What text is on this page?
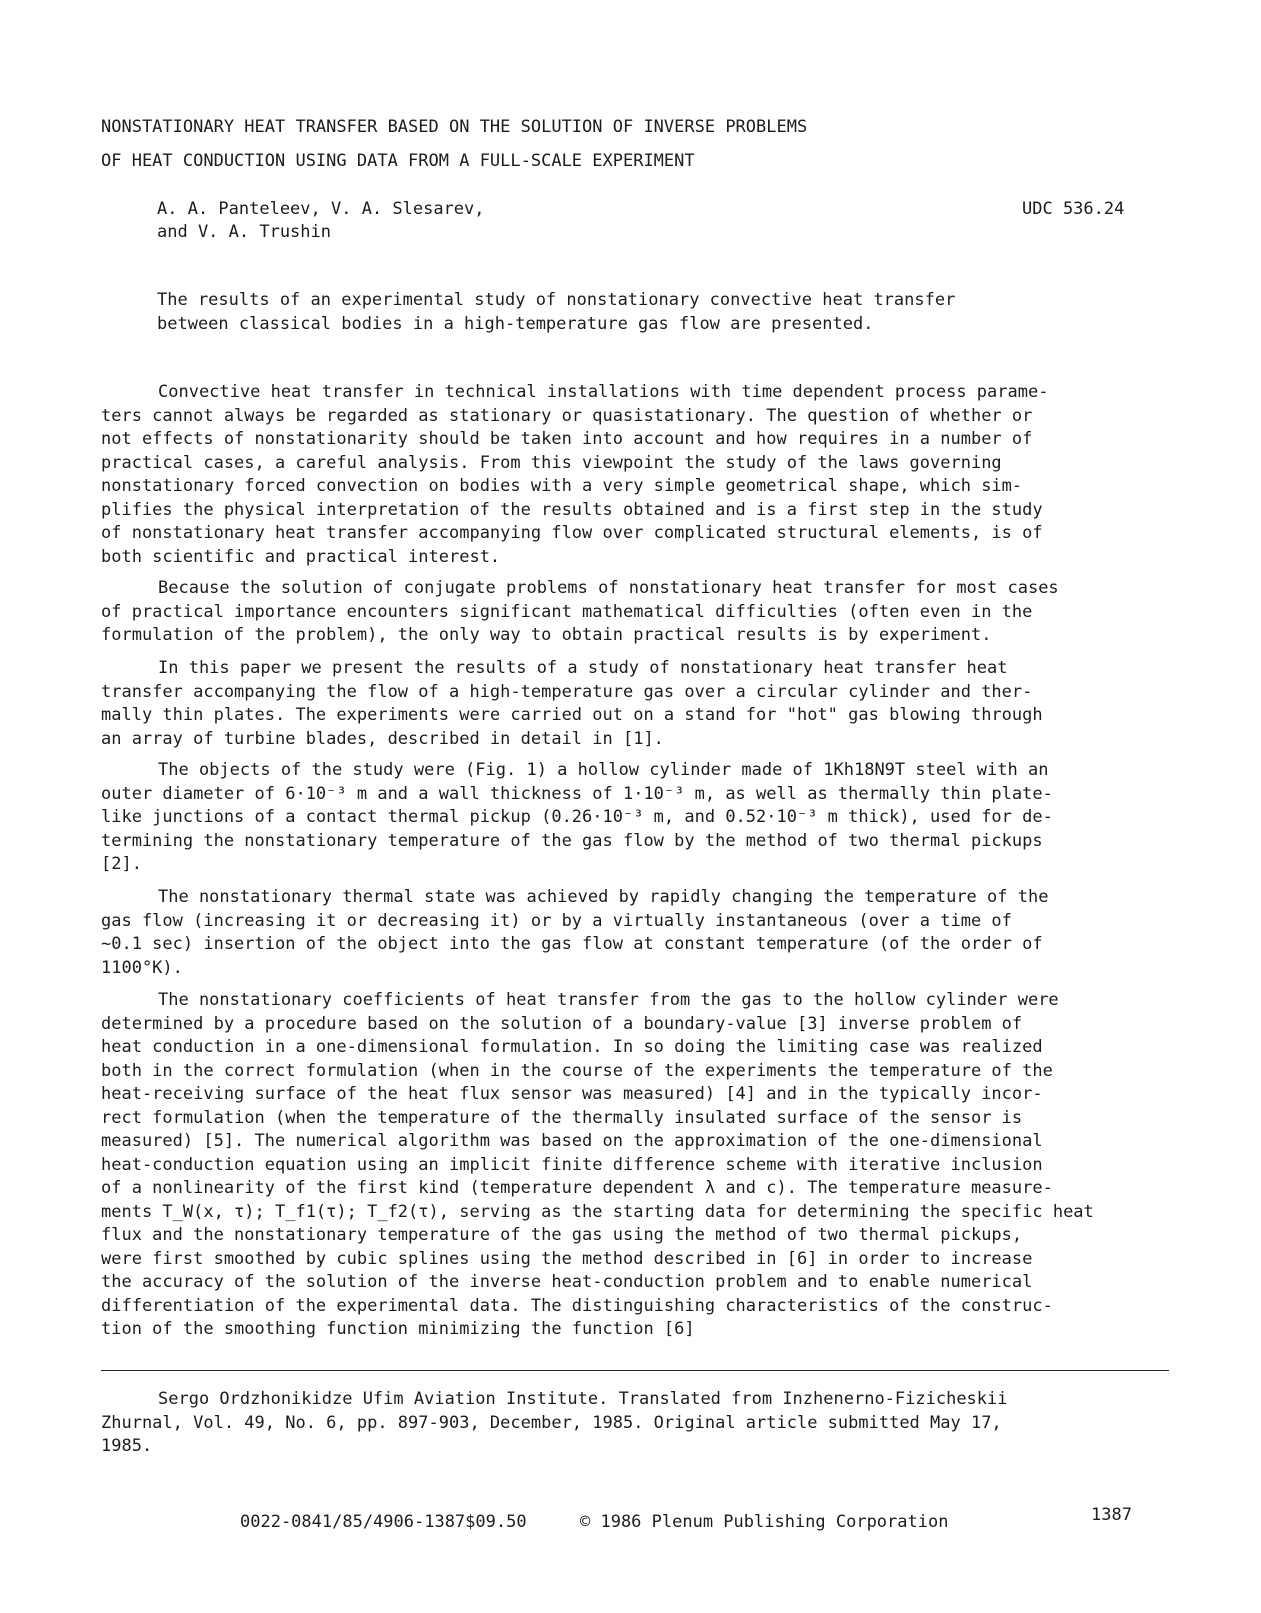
NONSTATIONARY HEAT TRANSFER BASED ON THE SOLUTION OF INVERSE PROBLEMS
OF HEAT CONDUCTION USING DATA FROM A FULL-SCALE EXPERIMENT
A. A. Panteleev, V. A. Slesarev,
and V. A. Trushin
UDC 536.24
The results of an experimental study of nonstationary convective heat transfer
between classical bodies in a high-temperature gas flow are presented.
Convective heat transfer in technical installations with time dependent process parame-
ters cannot always be regarded as stationary or quasistationary. The question of whether or
not effects of nonstationarity should be taken into account and how requires in a number of
practical cases, a careful analysis. From this viewpoint the study of the laws governing
nonstationary forced convection on bodies with a very simple geometrical shape, which sim-
plifies the physical interpretation of the results obtained and is a first step in the study
of nonstationary heat transfer accompanying flow over complicated structural elements, is of
both scientific and practical interest.
Because the solution of conjugate problems of nonstationary heat transfer for most cases
of practical importance encounters significant mathematical difficulties (often even in the
formulation of the problem), the only way to obtain practical results is by experiment.
In this paper we present the results of a study of nonstationary heat transfer heat
transfer accompanying the flow of a high-temperature gas over a circular cylinder and ther-
mally thin plates. The experiments were carried out on a stand for "hot" gas blowing through
an array of turbine blades, described in detail in [1].
The objects of the study were (Fig. 1) a hollow cylinder made of 1Kh18N9T steel with an
outer diameter of 6·10⁻³ m and a wall thickness of 1·10⁻³ m, as well as thermally thin plate-
like junctions of a contact thermal pickup (0.26·10⁻³ m, and 0.52·10⁻³ m thick), used for de-
termining the nonstationary temperature of the gas flow by the method of two thermal pickups
[2].
The nonstationary thermal state was achieved by rapidly changing the temperature of the
gas flow (increasing it or decreasing it) or by a virtually instantaneous (over a time of
~0.1 sec) insertion of the object into the gas flow at constant temperature (of the order of
1100°K).
The nonstationary coefficients of heat transfer from the gas to the hollow cylinder were
determined by a procedure based on the solution of a boundary-value [3] inverse problem of
heat conduction in a one-dimensional formulation. In so doing the limiting case was realized
both in the correct formulation (when in the course of the experiments the temperature of the
heat-receiving surface of the heat flux sensor was measured) [4] and in the typically incor-
rect formulation (when the temperature of the thermally insulated surface of the sensor is
measured) [5]. The numerical algorithm was based on the approximation of the one-dimensional
heat-conduction equation using an implicit finite difference scheme with iterative inclusion
of a nonlinearity of the first kind (temperature dependent λ and c). The temperature measure-
ments T_W(x, τ); T_f1(τ); T_f2(τ), serving as the starting data for determining the specific heat
flux and the nonstationary temperature of the gas using the method of two thermal pickups,
were first smoothed by cubic splines using the method described in [6] in order to increase
the accuracy of the solution of the inverse heat-conduction problem and to enable numerical
differentiation of the experimental data. The distinguishing characteristics of the construc-
tion of the smoothing function minimizing the function [6]
Sergo Ordzhonikidze Ufim Aviation Institute. Translated from Inzhenerno-Fizicheskii
Zhurnal, Vol. 49, No. 6, pp. 897-903, December, 1985. Original article submitted May 17,
1985.
0022-0841/85/4906-1387$09.50	© 1986 Plenum Publishing Corporation	1387
